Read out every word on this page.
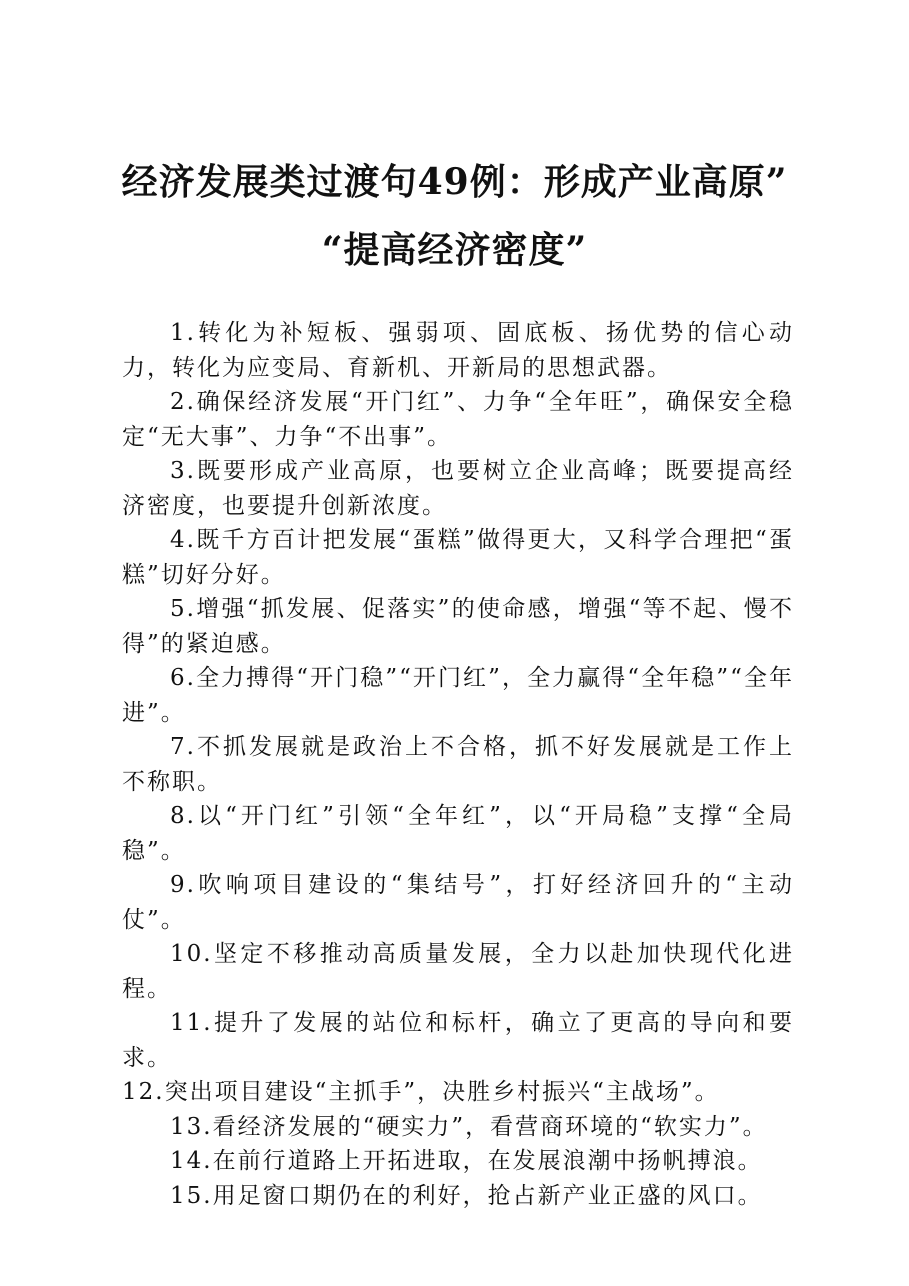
经济发展类过渡句49例：形成产业高原”
“提高经济密度”

1.转化为补短板、强弱项、固底板、扬优势的信心动力，转化为应变局、育新机、开新局的思想武器。

2.确保经济发展“开门红”、力争“全年旺”，确保安全稳定“无大事”、力争“不出事”。

3.既要形成产业高原，也要树立企业高峰；既要提高经济密度，也要提升创新浓度。

4.既千方百计把发展“蛋糕”做得更大，又科学合理把“蛋糕”切好分好。

5.增强“抓发展、促落实”的使命感，增强“等不起、慢不得”的紧迫感。

6.全力搏得“开门稳”“开门红”，全力赢得“全年稳”“全年进”。

7.不抓发展就是政治上不合格，抓不好发展就是工作上不称职。

8.以“开门红”引领“全年红”，以“开局稳”支撑“全局稳”。

9.吹响项目建设的“集结号”，打好经济回升的“主动仗”。

10.坚定不移推动高质量发展，全力以赴加快现代化进程。

11.提升了发展的站位和标杆，确立了更高的导向和要求。

12.突出项目建设“主抓手”，决胜乡村振兴“主战场”。

13.看经济发展的“硬实力”，看营商环境的“软实力”。

14.在前行道路上开拓进取，在发展浪潮中扬帆搏浪。

15.用足窗口期仍在的利好，抢占新产业正盛的风口。
